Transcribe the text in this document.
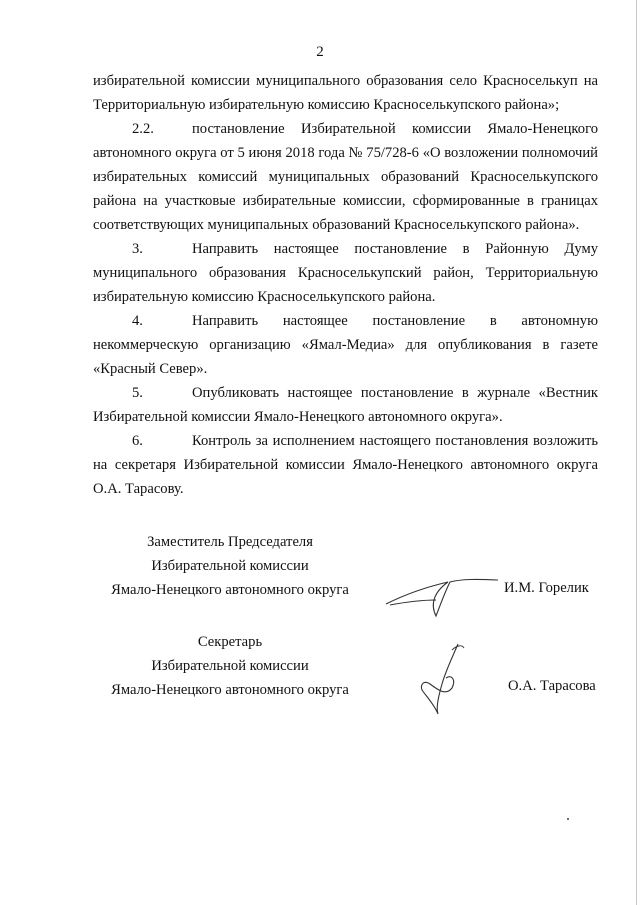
2

избирательной комиссии муниципального образования село Красноселькуп на Территориальную избирательную комиссию Красноселькупского района»;

2.2.	постановление Избирательной комиссии Ямало-Ненецкого автономного округа от 5 июня 2018 года № 75/728-6 «О возложении полномочий избирательных комиссий муниципальных образований Красноселькупского района на участковые избирательные комиссии, сформированные в границах соответствующих муниципальных образований Красноселькупского района».

3.	Направить настоящее постановление в Районную Думу муниципального образования Красноселькупский район, Территориальную избирательную комиссию Красноселькупского района.

4.	Направить настоящее постановление в автономную некоммерческую организацию «Ямал-Медиа» для опубликования в газете «Красный Север».

5.	Опубликовать настоящее постановление в журнале «Вестник Избирательной комиссии Ямало-Ненецкого автономного округа».

6.	Контроль за исполнением настоящего постановления возложить на секретаря Избирательной комиссии Ямало-Ненецкого автономного округа О.А. Тарасову.

Заместитель Председателя
Избирательной комиссии
Ямало-Ненецкого автономного округа	И.М. Горелик
Секретарь
Избирательной комиссии
Ямало-Ненецкого автономного округа	О.А. Тарасова
